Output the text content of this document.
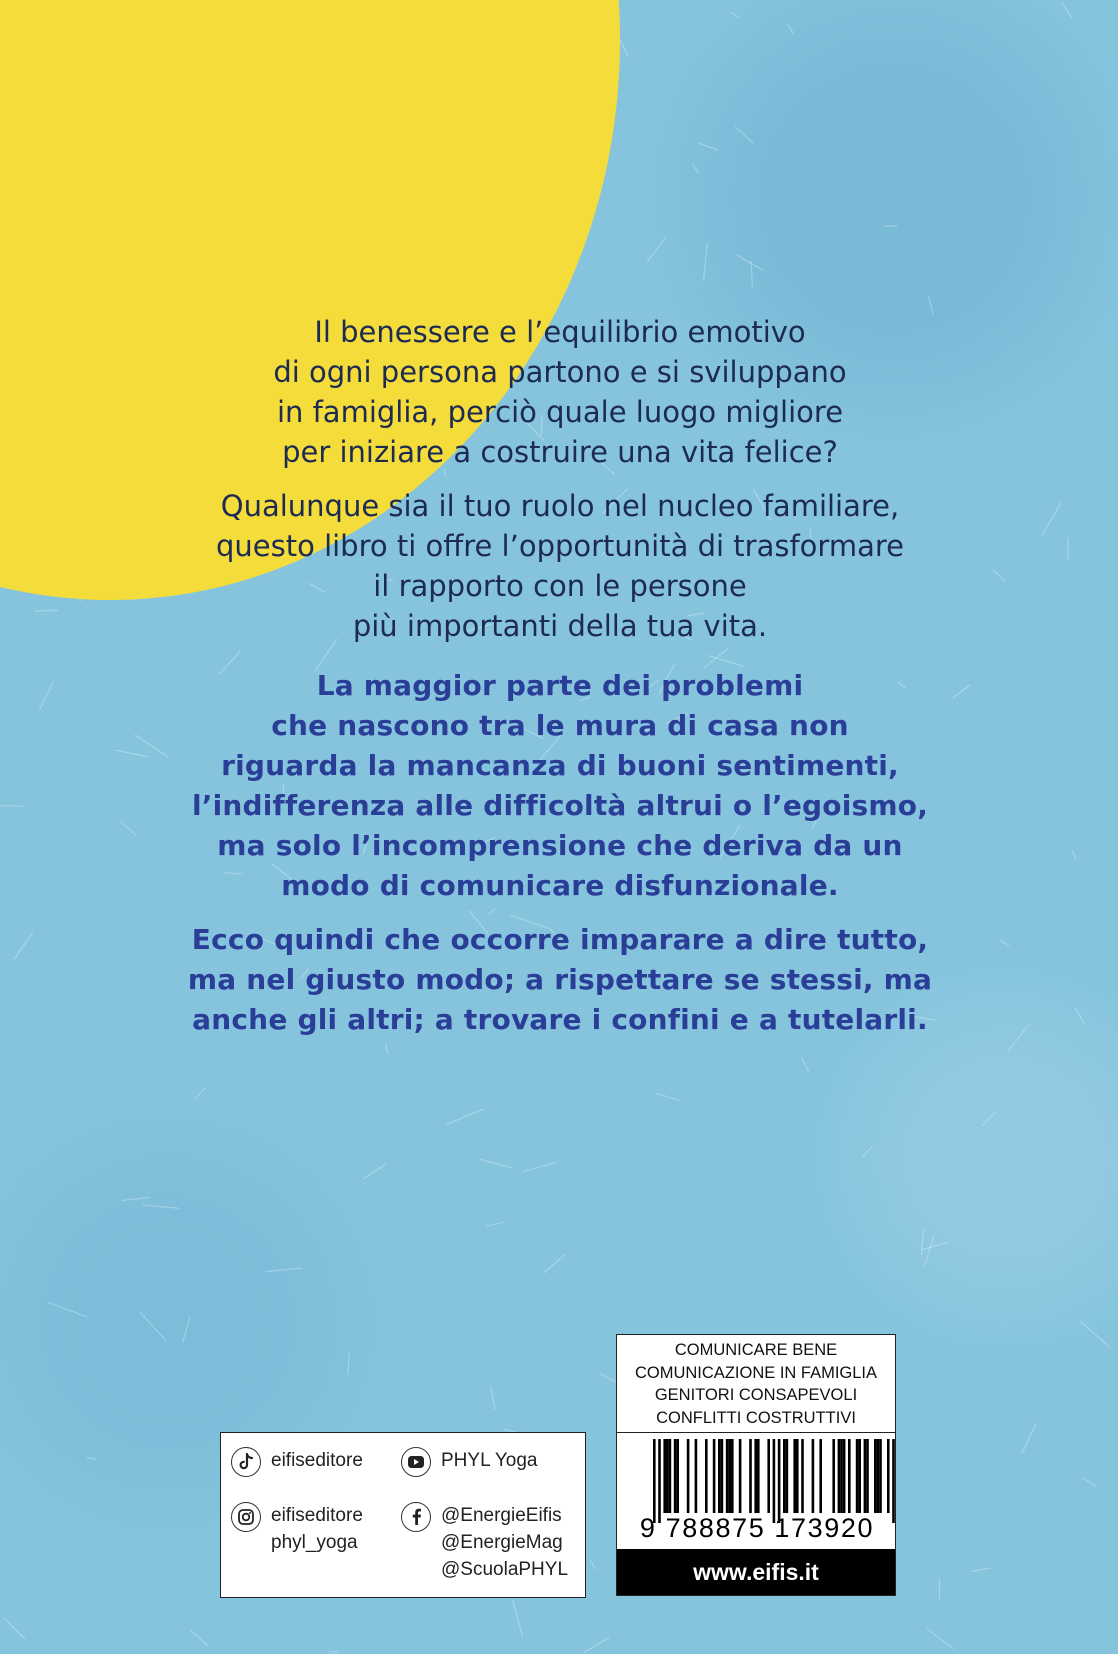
Il benessere e l’equilibrio emotivo
di ogni persona partono e si sviluppano
in famiglia, perciò quale luogo migliore
per iniziare a costruire una vita felice?

Qualunque sia il tuo ruolo nel nucleo familiare,
questo libro ti offre l’opportunità di trasformare
il rapporto con le persone
più importanti della tua vita.

La maggior parte dei problemi
che nascono tra le mura di casa non
riguarda la mancanza di buoni sentimenti,
l’indifferenza alle difficoltà altrui o l’egoismo,
ma solo l’incomprensione che deriva da un
modo di comunicare disfunzionale.

Ecco quindi che occorre imparare a dire tutto,
ma nel giusto modo; a rispettare se stessi, ma
anche gli altri; a trovare i confini e a tutelarli.

eifiseditore
eifiseditore
phyl_yoga
PHYL Yoga
@EnergieEifis
@EnergieMag
@ScuolaPHYL
COMUNICARE BENE
COMUNICAZIONE IN FAMIGLIA
GENITORI CONSAPEVOLI
CONFLITTI COSTRUTTIVI
9 788875 173920
www.eifis.it
